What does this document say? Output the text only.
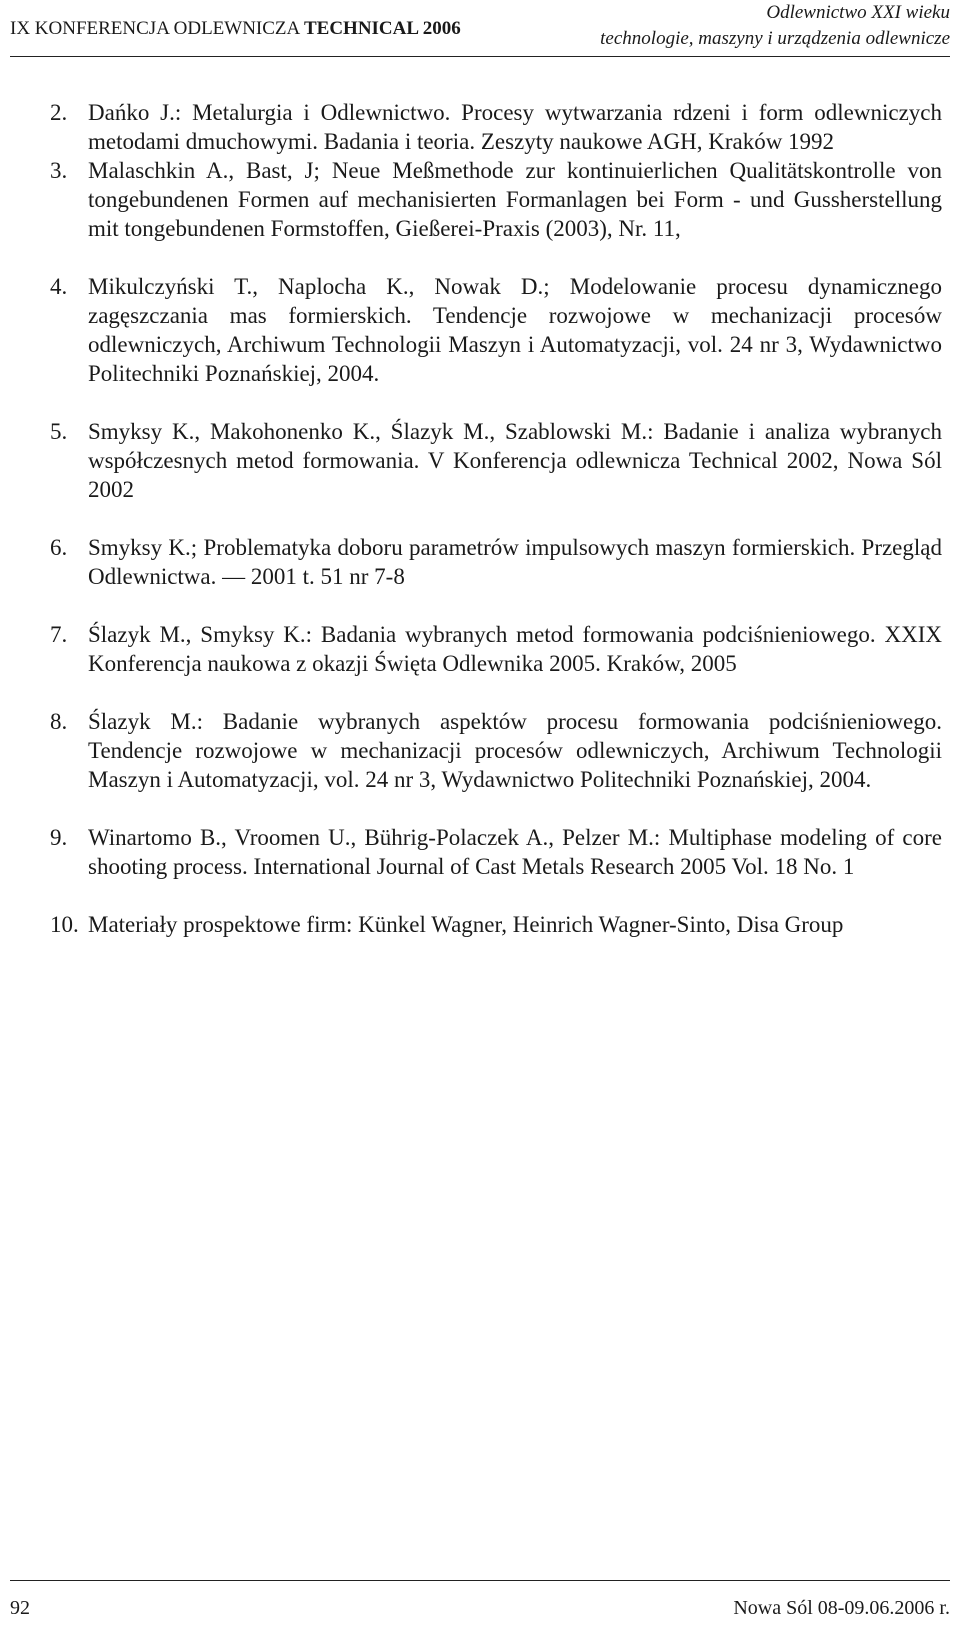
IX KONFERENCJA ODLEWNICZA TECHNICAL 2006
Odlewnictwo XXI wieku
technologie, maszyny i urządzenia odlewnicze
2. Dańko J.: Metalurgia i Odlewnictwo. Procesy wytwarzania rdzeni i form odlewniczych metodami dmuchowymi. Badania i teoria. Zeszyty naukowe AGH, Kraków 1992
3. Malaschkin A., Bast, J; Neue Meßmethode zur kontinuierlichen Qualitätskontrolle von tongebundenen Formen auf mechanisierten Formanlagen bei Form - und Gussherstellung mit tongebundenen Formstoffen, Gießerei-Praxis (2003), Nr. 11,
4. Mikulczyński T., Naplocha K., Nowak D.; Modelowanie procesu dynamicznego zagęszczania mas formierskich. Tendencje rozwojowe w mechanizacji procesów odlewniczych, Archiwum Technologii Maszyn i Automatyzacji, vol. 24 nr 3, Wydawnictwo Politechniki Poznańskiej, 2004.
5. Smyksy K., Makohonenko K., Ślazyk M., Szablowski M.: Badanie i analiza wybranych współczesnych metod formowania. V Konferencja odlewnicza Technical 2002, Nowa Sól 2002
6. Smyksy K.; Problematyka doboru parametrów impulsowych maszyn formierskich. Przegląd Odlewnictwa. — 2001 t. 51 nr 7-8
7. Ślazyk M., Smyksy K.: Badania wybranych metod formowania podciśnieniowego. XXIX Konferencja naukowa z okazji Święta Odlewnika 2005. Kraków, 2005
8. Ślazyk M.: Badanie wybranych aspektów procesu formowania podciśnieniowego. Tendencje rozwojowe w mechanizacji procesów odlewniczych, Archiwum Technologii Maszyn i Automatyzacji, vol. 24 nr 3, Wydawnictwo Politechniki Poznańskiej, 2004.
9. Winartomo B., Vroomen U., Bührig-Polaczek A., Pelzer M.: Multiphase modeling of core shooting process. International Journal of Cast Metals Research 2005 Vol. 18 No. 1
10. Materiały prospektowe firm: Künkel Wagner, Heinrich Wagner-Sinto, Disa Group
92	Nowa Sól 08-09.06.2006 r.
